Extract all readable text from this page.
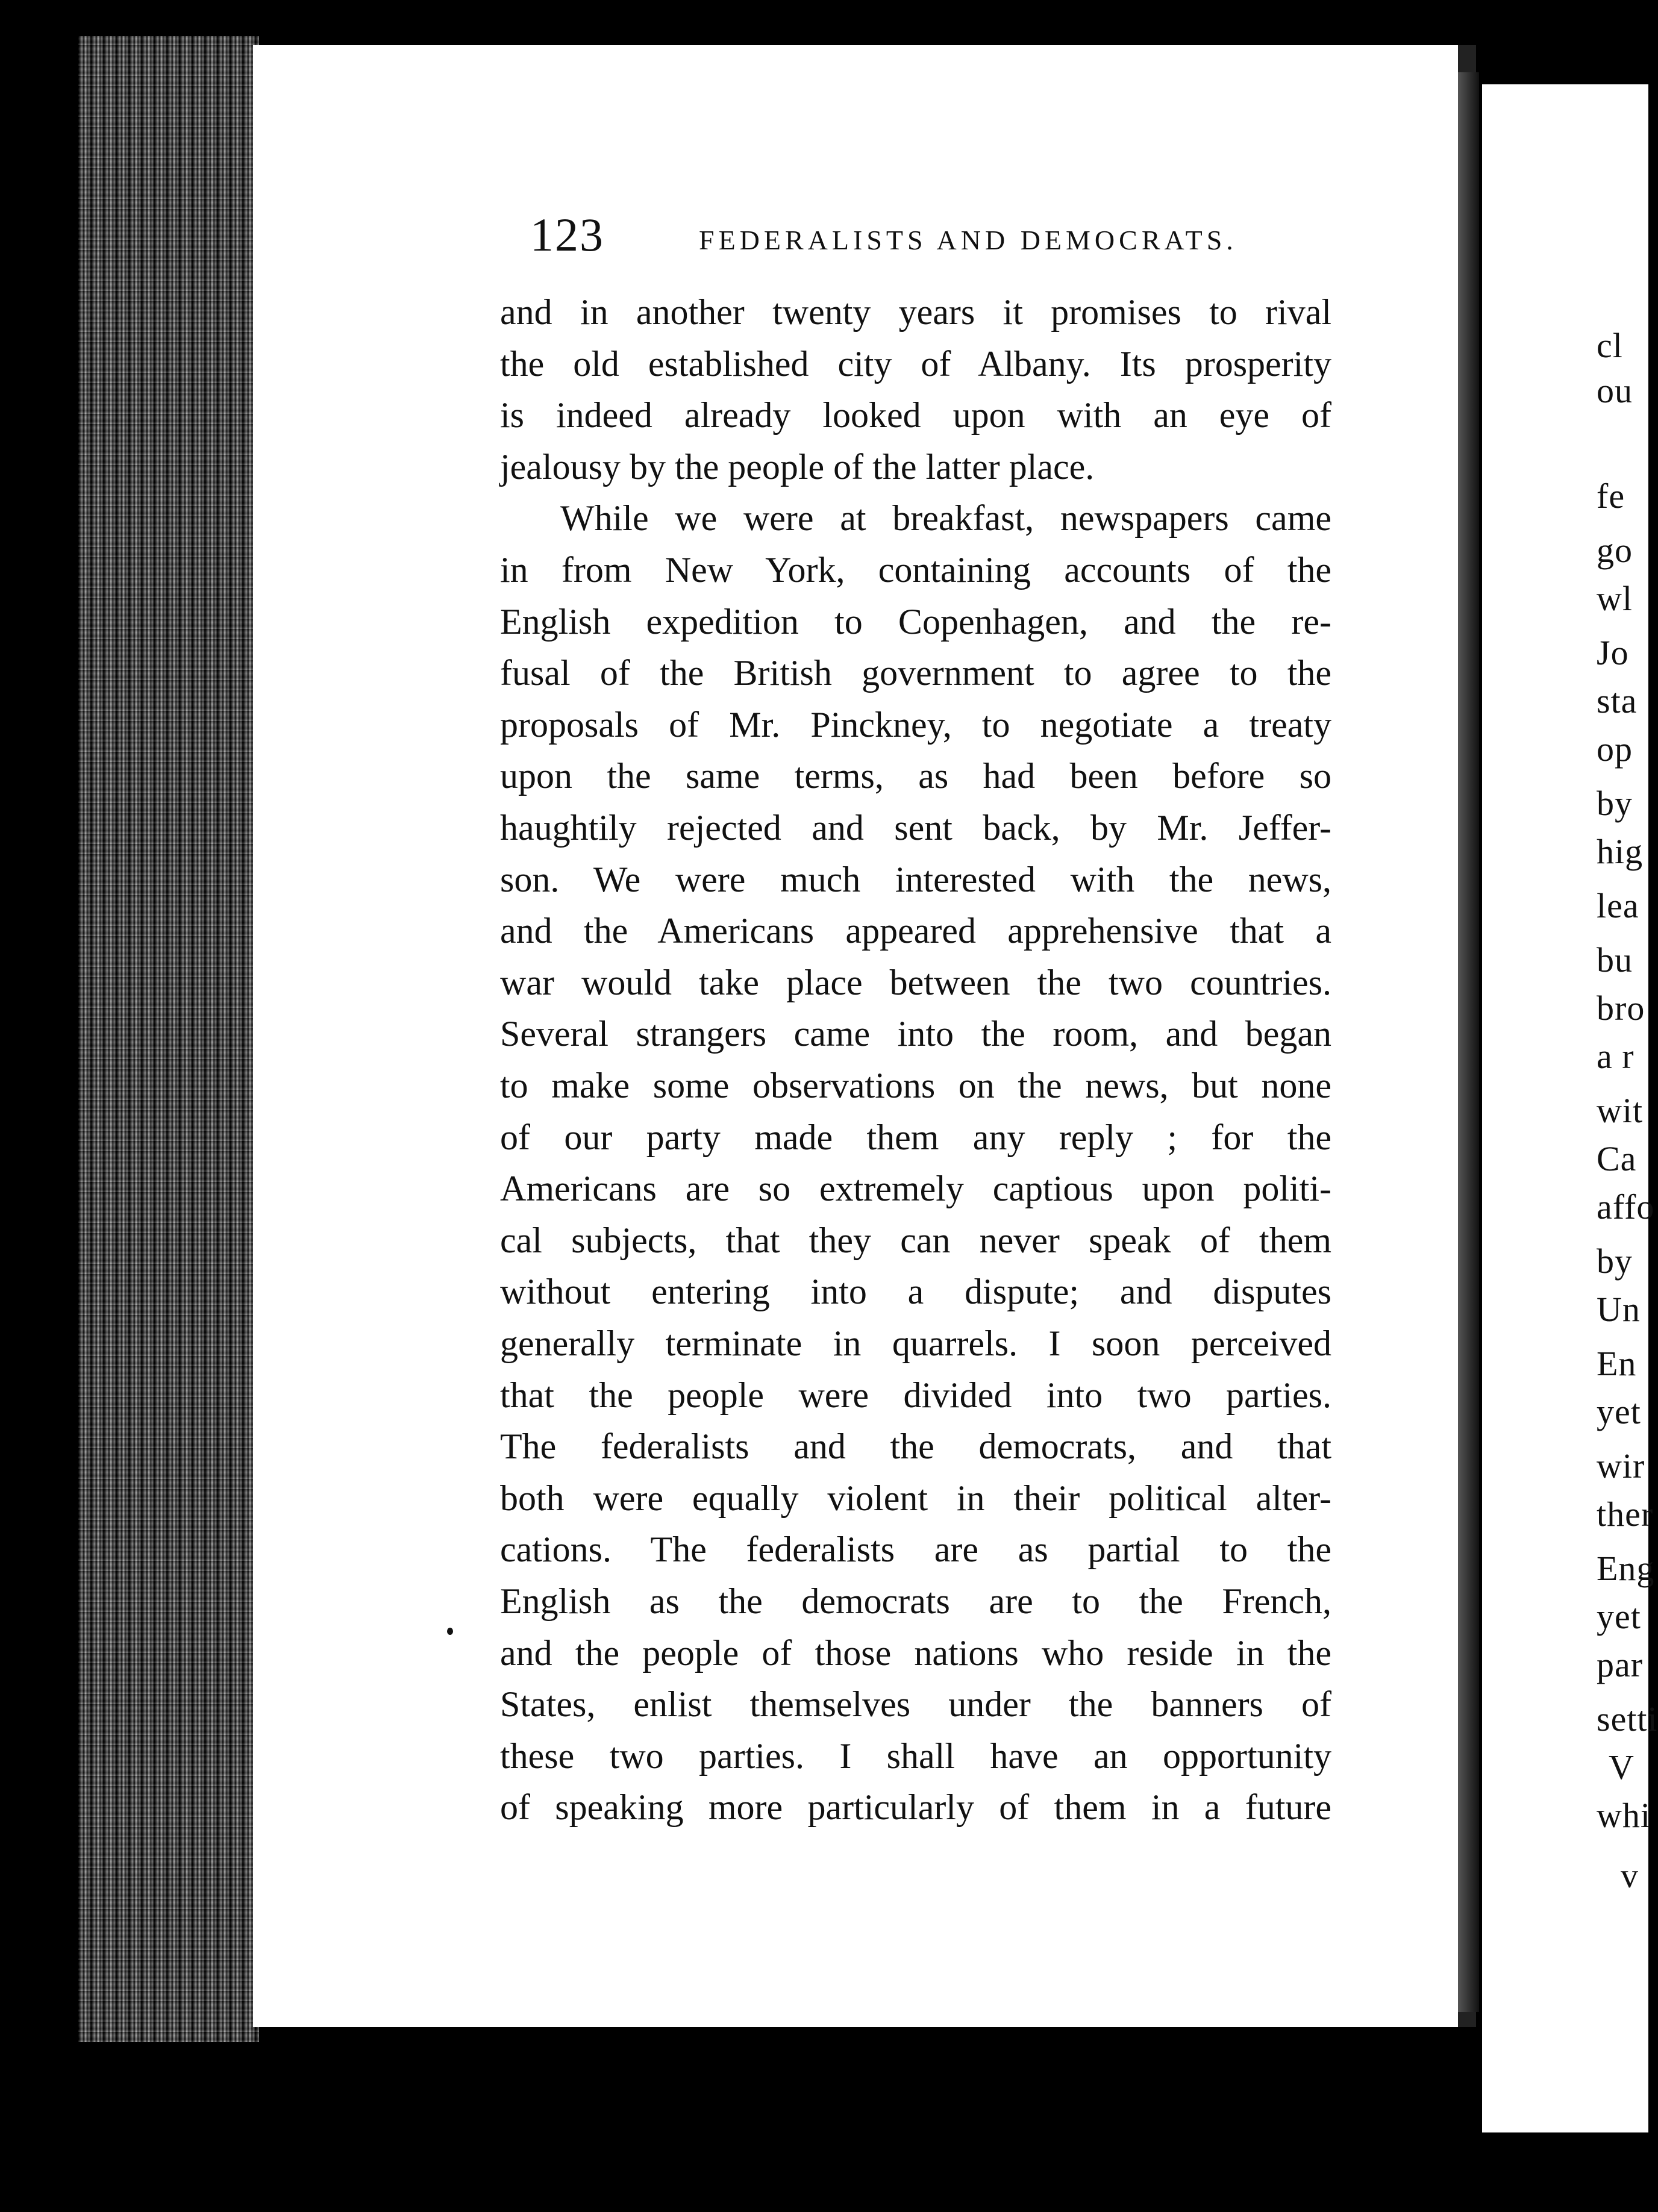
123	FEDERALISTS AND DEMOCRATS.
and in another twenty years it promises to rival
the old established city of Albany. Its prosperity
is indeed already looked upon with an eye of
jealousy by the people of the latter place.
While we were at breakfast, newspapers came
in from New York, containing accounts of the
English expedition to Copenhagen, and the re-
fusal of the British government to agree to the
proposals of Mr. Pinckney, to negotiate a treaty
upon the same terms, as had been before so
haughtily rejected and sent back, by Mr. Jeffer-
son. We were much interested with the news,
and the Americans appeared apprehensive that a
war would take place between the two countries.
Several strangers came into the room, and began
to make some observations on the news, but none
of our party made them any reply ; for the
Americans are so extremely captious upon politi-
cal subjects, that they can never speak of them
without entering into a dispute; and disputes
generally terminate in quarrels. I soon perceived
that the people were divided into two parties.
The federalists and the democrats, and that
both were equally violent in their political alter-
cations. The federalists are as partial to the
English as the democrats are to the French,
and the people of those nations who reside in the
States, enlist themselves under the banners of
these two parties. I shall have an opportunity
of speaking more particularly of them in a future
cl
ou
fe
go
wl
Jo
sta
op
by
hig
lea
bu
bro
a r
wit
Ca
affo
by
Un
En
yet
wir
ther
Eng
yet
par
setti
V
whi
v
